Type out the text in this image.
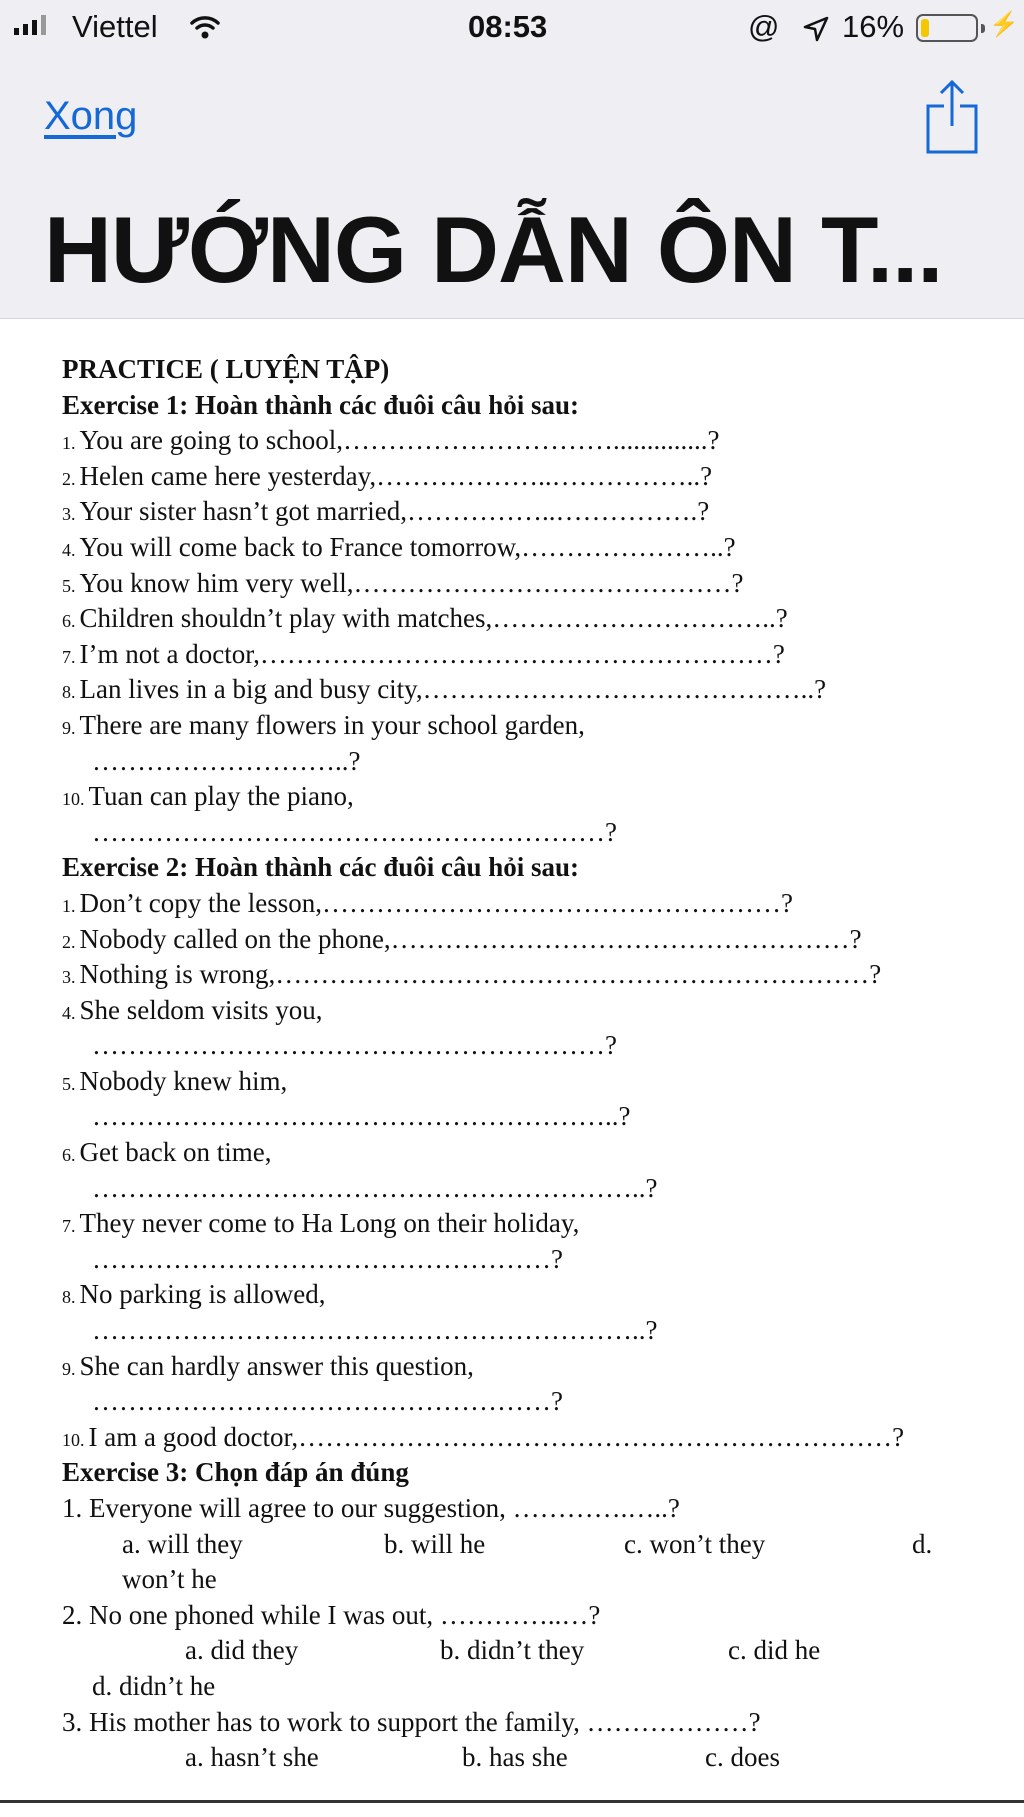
Viettel	08:53	@ 16%	⚡
Xong
HƯỚNG DẪN ÔN T...
PRACTICE ( LUYỆN TẬP)
Exercise 1: Hoàn thành các đuôi câu hỏi sau:
1. You are going to school,…………………………..............?
2. Helen came here yesterday,………………..……………..?
3. Your sister hasn’t got married,……………..…………….?
4. You will come back to France tomorrow,…………………..?
5. You know him very well,……………………………………?
6. Children shouldn’t play with matches,…………………………..?
7. I’m not a doctor,…………………………………………………?
8. Lan lives in a big and busy city,……………………………………..?
9. There are many flowers in your school garden,
………………………..?
10. Tuan can play the piano,
…………………………………………………?
Exercise 2: Hoàn thành các đuôi câu hỏi sau:
1. Don’t copy the lesson,……………………………………………?
2. Nobody called on the phone,……………………………………………?
3. Nothing is wrong,…………………………………………………………?
4. She seldom visits you,
…………………………………………………?
5. Nobody knew him,
…………………………………………………..?
6. Get back on time,
……………………………………………………..?
7. They never come to Ha Long on their holiday,
……………………………………………?
8. No parking is allowed,
……………………………………………………..?
9. She can hardly answer this question,
……………………………………………?
10. I am a good doctor,…………………………………………………………?
Exercise 3: Chọn đáp án đúng
1. Everyone will agree to our suggestion, ………….…..?
a. will they	b. will he	c. won’t they	d.
won’t he
2. No one phoned while I was out, …………..…?
a. did they	b. didn’t they	c. did he
d. didn’t he
3. His mother has to work to support the family, ………………?
a. hasn’t she	b. has she	c. does
